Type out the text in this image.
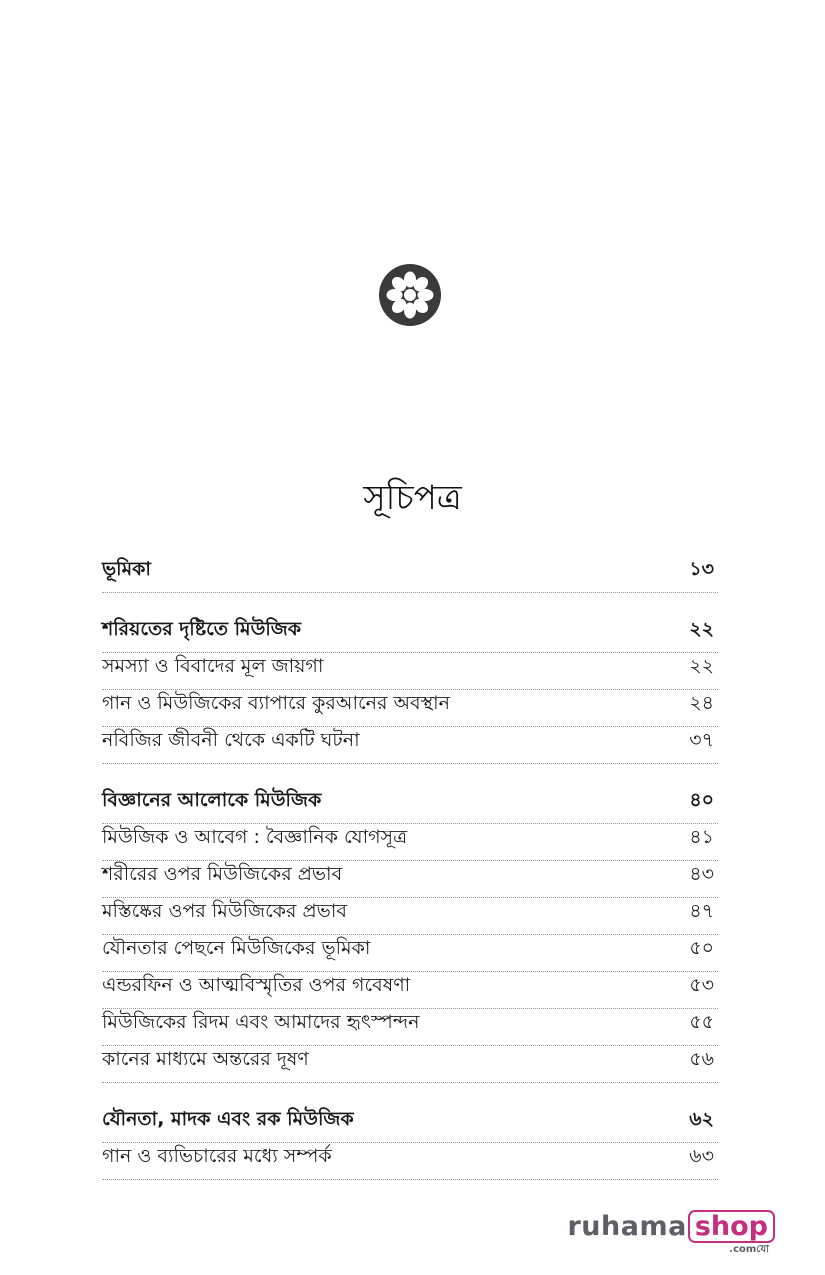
সূচিপত্র
ভূমিকা	১৩
শরিয়তের দৃষ্টিতে মিউজিক	২২
সমস্যা ও বিবাদের মূল জায়গা	২২
গান ও মিউজিকের ব্যাপারে কুরআনের অবস্থান	২৪
নবিজির জীবনী থেকে একটি ঘটনা	৩৭
বিজ্ঞানের আলোকে মিউজিক	৪০
মিউজিক ও আবেগ : বৈজ্ঞানিক যোগসূত্র	৪১
শরীরের ওপর মিউজিকের প্রভাব	৪৩
মস্তিষ্কের ওপর মিউজিকের প্রভাব	৪৭
যৌনতার পেছনে মিউজিকের ভূমিকা	৫০
এন্ডরফিন ও আত্মবিস্মৃতির ওপর গবেষণা	৫৩
মিউজিকের রিদম এবং আমাদের হৃৎস্পন্দন	৫৫
কানের মাধ্যমে অন্তরের দূষণ	৫৬
যৌনতা, মাদক এবং রক মিউজিক	৬২
গান ও ব্যভিচারের মধ্যে সম্পর্ক	৬৩
ruhama shop
.comযো
